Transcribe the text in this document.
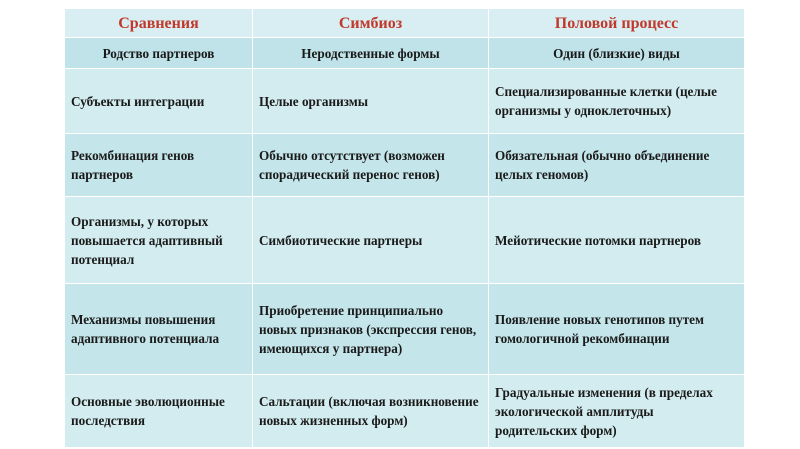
Сравнения	Симбиоз	Половой процесс
Родство партнеров	Неродственные формы	Один (близкие) виды
Субъекты интеграции	Целые организмы	Специализированные клетки (целые организмы у одноклеточных)
Рекомбинация генов партнеров	Обычно отсутствует (возможен спорадический перенос генов)	Обязательная (обычно объединение целых геномов)
Организмы, у которых повышается адаптивный потенциал	Симбиотические партнеры	Мейотические потомки партнеров
Механизмы повышения адаптивного потенциала	Приобретение принципиально новых признаков (экспрессия генов, имеющихся у партнера)	Появление новых генотипов путем гомологичной рекомбинации
Основные эволюционные последствия	Сальтации (включая возникновение новых жизненных форм)	Градуальные изменения (в пределах экологической амплитуды родительских форм)
